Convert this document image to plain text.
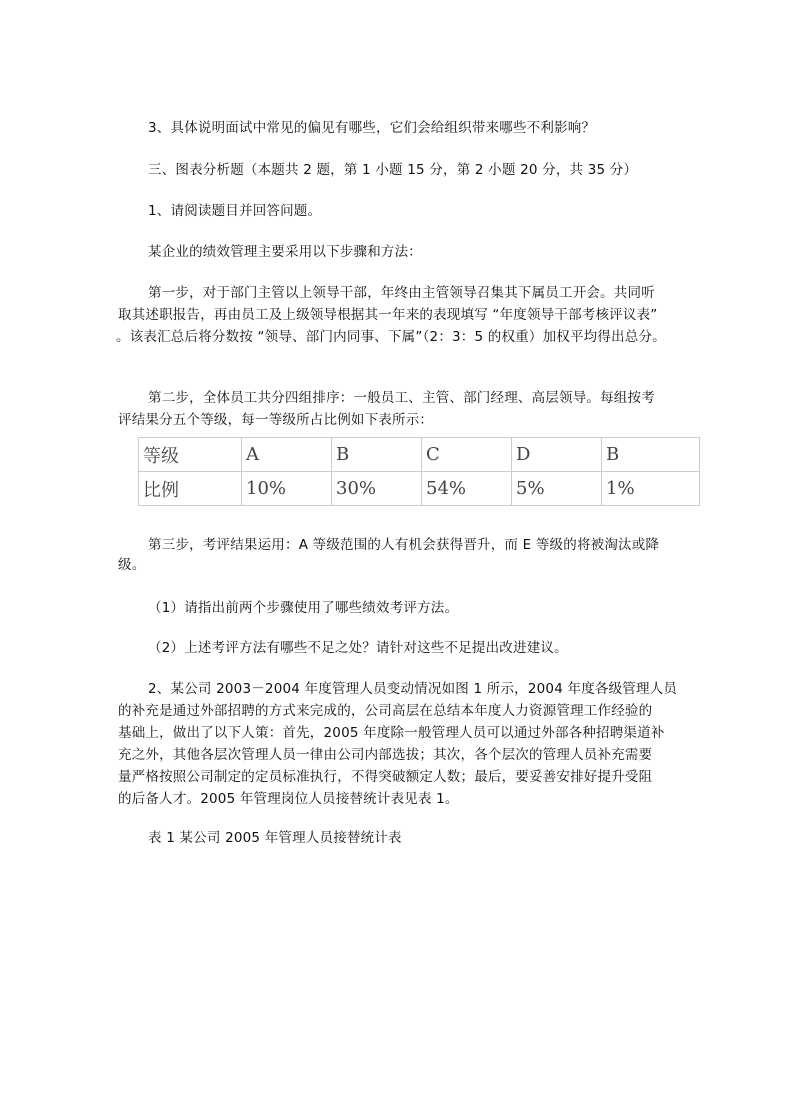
3、具体说明面试中常见的偏见有哪些，它们会给组织带来哪些不利影响？
三、图表分析题（本题共 2 题，第 1 小题 15 分，第 2 小题 20 分，共 35 分）
1、请阅读题目并回答问题。
某企业的绩效管理主要采用以下步骤和方法：
第一步，对于部门主管以上领导干部，年终由主管领导召集其下属员工开会。共同听
取其述职报告，再由员工及上级领导根据其一年来的表现填写 “年度领导干部考核评议表”
。该表汇总后将分数按 “领导、部门内同事、下属”（2：3：5 的权重）加权平均得出总分。
第二步，全体员工共分四组排序：一般员工、主管、部门经理、高层领导。每组按考
评结果分五个等级，每一等级所占比例如下表所示：
等级	A	B	C	D	B
比例	10%	30%	54%	5%	1%
第三步，考评结果运用：A 等级范围的人有机会获得晋升，而 E 等级的将被淘汰或降
级。
（1）请指出前两个步骤使用了哪些绩效考评方法。
（2）上述考评方法有哪些不足之处？请针对这些不足提出改进建议。
2、某公司 2003－2004 年度管理人员变动情况如图 1 所示，2004 年度各级管理人员
的补充是通过外部招聘的方式来完成的，公司高层在总结本年度人力资源管理工作经验的
基础上，做出了以下人策：首先，2005 年度除一般管理人员可以通过外部各种招聘渠道补
充之外，其他各层次管理人员一律由公司内部选拔；其次，各个层次的管理人员补充需要
量严格按照公司制定的定员标准执行，不得突破额定人数；最后，要妥善安排好提升受阻
的后备人才。2005 年管理岗位人员接替统计表见表 1。
表 1 某公司 2005 年管理人员接替统计表
